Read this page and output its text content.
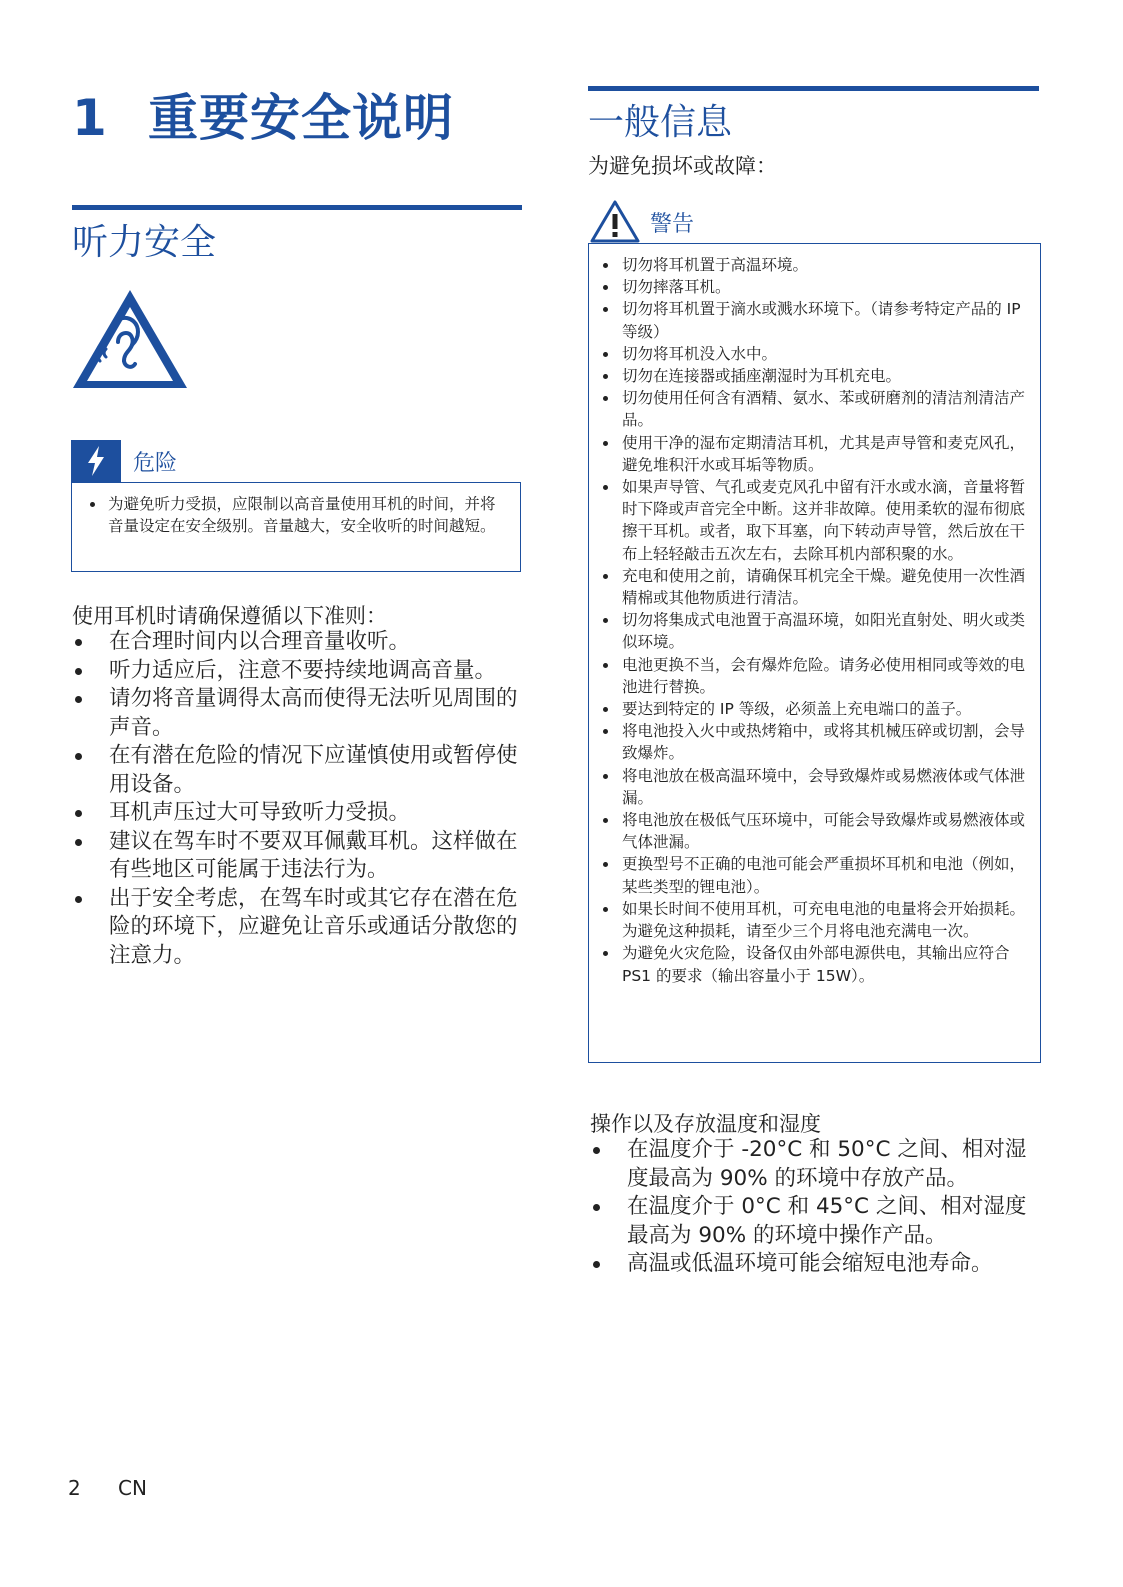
1 重要安全说明
听力安全
危险
• 为避免听力受损，应限制以高音量使用耳机的时间，并将音量设定在安全级别。音量越大，安全收听的时间越短。
使用耳机时请确保遵循以下准则：
在合理时间内以合理音量收听。
听力适应后，注意不要持续地调高音量。
请勿将音量调得太高而使得无法听见周围的声音。
在有潜在危险的情况下应谨慎使用或暂停使用设备。
耳机声压过大可导致听力受损。
建议在驾车时不要双耳佩戴耳机。这样做在有些地区可能属于违法行为。
出于安全考虑，在驾车时或其它存在潜在危险的环境下，应避免让音乐或通话分散您的注意力。
一般信息
为避免损坏或故障：
警告
切勿将耳机置于高温环境。
切勿摔落耳机。
切勿将耳机置于滴水或溅水环境下。（请参考特定产品的 IP 等级）
切勿将耳机没入水中。
切勿在连接器或插座潮湿时为耳机充电。
切勿使用任何含有酒精、氨水、苯或研磨剂的清洁剂清洁产品。
使用干净的湿布定期清洁耳机，尤其是声导管和麦克风孔，避免堆积汗水或耳垢等物质。
如果声导管、气孔或麦克风孔中留有汗水或水滴，音量将暂时下降或声音完全中断。这并非故障。使用柔软的湿布彻底擦干耳机。或者，取下耳塞，向下转动声导管，然后放在干布上轻轻敲击五次左右，去除耳机内部积聚的水。
充电和使用之前，请确保耳机完全干燥。避免使用一次性酒精棉或其他物质进行清洁。
切勿将集成式电池置于高温环境，如阳光直射处、明火或类似环境。
电池更换不当，会有爆炸危险。请务必使用相同或等效的电池进行替换。
要达到特定的 IP 等级，必须盖上充电端口的盖子。
将电池投入火中或热烤箱中，或将其机械压碎或切割，会导致爆炸。
将电池放在极高温环境中，会导致爆炸或易燃液体或气体泄漏。
将电池放在极低气压环境中，可能会导致爆炸或易燃液体或气体泄漏。
更换型号不正确的电池可能会严重损坏耳机和电池（例如，某些类型的锂电池）。
如果长时间不使用耳机，可充电电池的电量将会开始损耗。为避免这种损耗，请至少三个月将电池充满电一次。
为避免火灾危险，设备仅由外部电源供电，其输出应符合 PS1 的要求（输出容量小于 15W）。
操作以及存放温度和湿度
在温度介于 -20°C 和 50°C 之间、相对湿度最高为 90% 的环境中存放产品。
在温度介于 0°C 和 45°C 之间、相对湿度最高为 90% 的环境中操作产品。
高温或低温环境可能会缩短电池寿命。
2 CN
